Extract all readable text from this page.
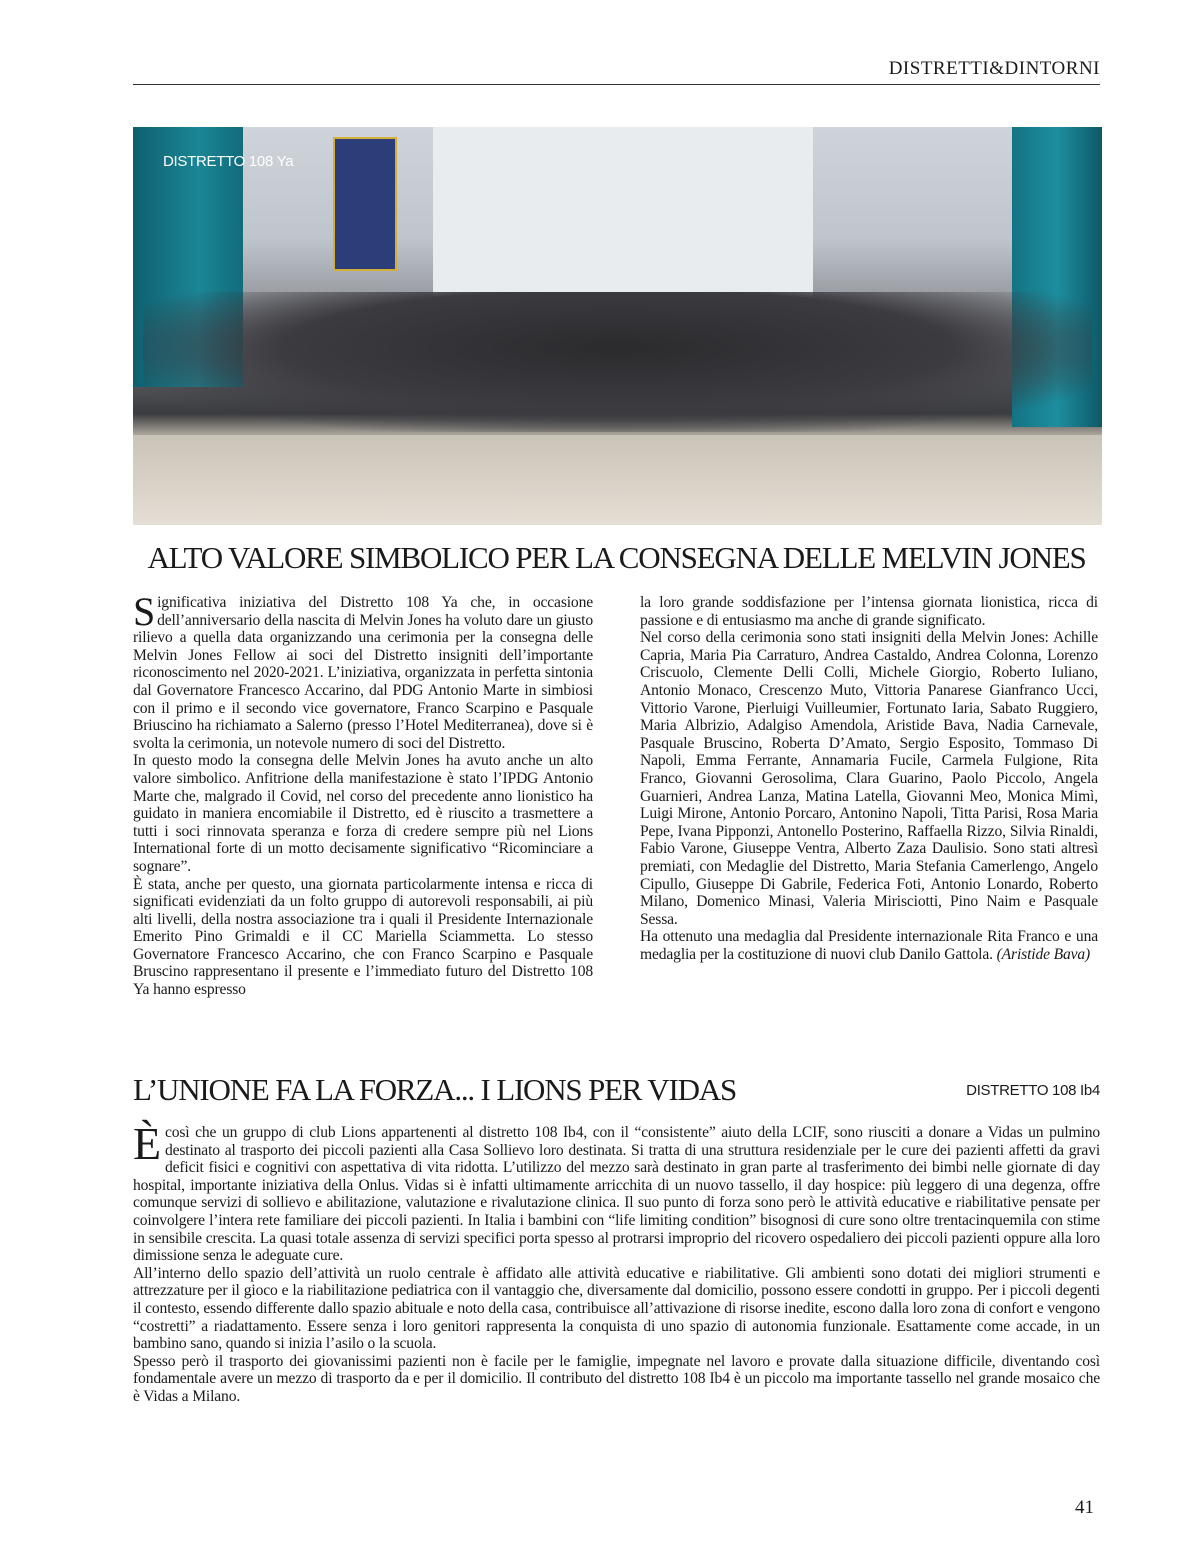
DISTRETTI&DINTORNI
DISTRETTO 108 Ya
ALTO VALORE SIMBOLICO PER LA CONSEGNA DELLE MELVIN JONES

Significativa iniziativa del Distretto 108 Ya che, in occasione dell’anniversario della nascita di Melvin Jones ha voluto dare un giusto rilievo a quella data organizzando una cerimonia per la consegna delle Melvin Jones Fellow ai soci del Distretto insigniti dell’importante riconoscimento nel 2020-2021. L’iniziativa, organizzata in perfetta sintonia dal Governatore Francesco Accarino, dal PDG Antonio Marte in simbiosi con il primo e il secondo vice governatore, Franco Scarpino e Pasquale Briuscino ha richiamato a Salerno (presso l’Hotel Mediterranea), dove si è svolta la cerimonia, un notevole numero di soci del Distretto.

In questo modo la consegna delle Melvin Jones ha avuto anche un alto valore simbolico. Anfitrione della manifestazione è stato l’IPDG Antonio Marte che, malgrado il Covid, nel corso del precedente anno lionistico ha guidato in maniera encomiabile il Distretto, ed è riuscito a trasmettere a tutti i soci rinnovata speranza e forza di credere sempre più nel Lions International forte di un motto decisamente significativo “Ricominciare a sognare”.

È stata, anche per questo, una giornata particolarmente intensa e ricca di significati evidenziati da un folto gruppo di autorevoli responsabili, ai più alti livelli, della nostra associazione tra i quali il Presidente Internazionale Emerito Pino Grimaldi e il CC Mariella Sciammetta. Lo stesso Governatore Francesco Accarino, che con Franco Scarpino e Pasquale Bruscino rappresentano il presente e l’immediato futuro del Distretto 108 Ya hanno espresso

la loro grande soddisfazione per l’intensa giornata lionistica, ricca di passione e di entusiasmo ma anche di grande significato.

Nel corso della cerimonia sono stati insigniti della Melvin Jones: Achille Capria, Maria Pia Carraturo, Andrea Castaldo, Andrea Colonna, Lorenzo Criscuolo, Clemente Delli Colli, Michele Giorgio, Roberto Iuliano, Antonio Monaco, Crescenzo Muto, Vittoria Panarese Gianfranco Ucci, Vittorio Varone, Pierluigi Vuilleumier, Fortunato Iaria, Sabato Ruggiero, Maria Albrizio, Adalgiso Amendola, Aristide Bava, Nadia Carnevale, Pasquale Bruscino, Roberta D’Amato, Sergio Esposito, Tommaso Di Napoli, Emma Ferrante, Annamaria Fucile, Carmela Fulgione, Rita Franco, Giovanni Gerosolima, Clara Guarino, Paolo Piccolo, Angela Guarnieri, Andrea Lanza, Matina Latella, Giovanni Meo, Monica Mimì, Luigi Mirone, Antonio Porcaro, Antonino Napoli, Titta Parisi, Rosa Maria Pepe, Ivana Pipponzi, Antonello Posterino, Raffaella Rizzo, Silvia Rinaldi, Fabio Varone, Giuseppe Ventra, Alberto Zaza Daulisio. Sono stati altresì premiati, con Medaglie del Distretto, Maria Stefania Camerlengo, Angelo Cipullo, Giuseppe Di Gabrile, Federica Foti, Antonio Lonardo, Roberto Milano, Domenico Minasi, Valeria Mirisciotti, Pino Naim e Pasquale Sessa.

Ha ottenuto una medaglia dal Presidente internazionale Rita Franco e una medaglia per la costituzione di nuovi club Danilo Gattola. (Aristide Bava)

L’UNIONE FA LA FORZA... I LIONS PER VIDAS	DISTRETTO 108 Ib4

Ècosì che un gruppo di club Lions appartenenti al distretto 108 Ib4, con il “consistente” aiuto della LCIF, sono riusciti a donare a Vidas un pulmino destinato al trasporto dei piccoli pazienti alla Casa Sollievo loro destinata. Si tratta di una struttura residenziale per le cure dei pazienti affetti da gravi deficit fisici e cognitivi con aspettativa di vita ridotta. L’utilizzo del mezzo sarà destinato in gran parte al trasferimento dei bimbi nelle giornate di day hospital, importante iniziativa della Onlus. Vidas si è infatti ultimamente arricchita di un nuovo tassello, il day hospice: più leggero di una degenza, offre comunque servizi di sollievo e abilitazione, valutazione e rivalutazione clinica. Il suo punto di forza sono però le attività educative e riabilitative pensate per coinvolgere l’intera rete familiare dei piccoli pazienti. In Italia i bambini con “life limiting condition” bisognosi di cure sono oltre trentacinquemila con stime in sensibile crescita. La quasi totale assenza di servizi specifici porta spesso al protrarsi improprio del ricovero ospedaliero dei piccoli pazienti oppure alla loro dimissione senza le adeguate cure.

All’interno dello spazio dell’attività un ruolo centrale è affidato alle attività educative e riabilitative. Gli ambienti sono dotati dei migliori strumenti e attrezzature per il gioco e la riabilitazione pediatrica con il vantaggio che, diversamente dal domicilio, possono essere condotti in gruppo. Per i piccoli degenti il contesto, essendo differente dallo spazio abituale e noto della casa, contribuisce all’attivazione di risorse inedite, escono dalla loro zona di confort e vengono “costretti” a riadattamento. Essere senza i loro genitori rappresenta la conquista di uno spazio di autonomia funzionale. Esattamente come accade, in un bambino sano, quando si inizia l’asilo o la scuola.

Spesso però il trasporto dei giovanissimi pazienti non è facile per le famiglie, impegnate nel lavoro e provate dalla situazione difficile, diventando così fondamentale avere un mezzo di trasporto da e per il domicilio. Il contributo del distretto 108 Ib4 è un piccolo ma importante tassello nel grande mosaico che è Vidas a Milano.

41
